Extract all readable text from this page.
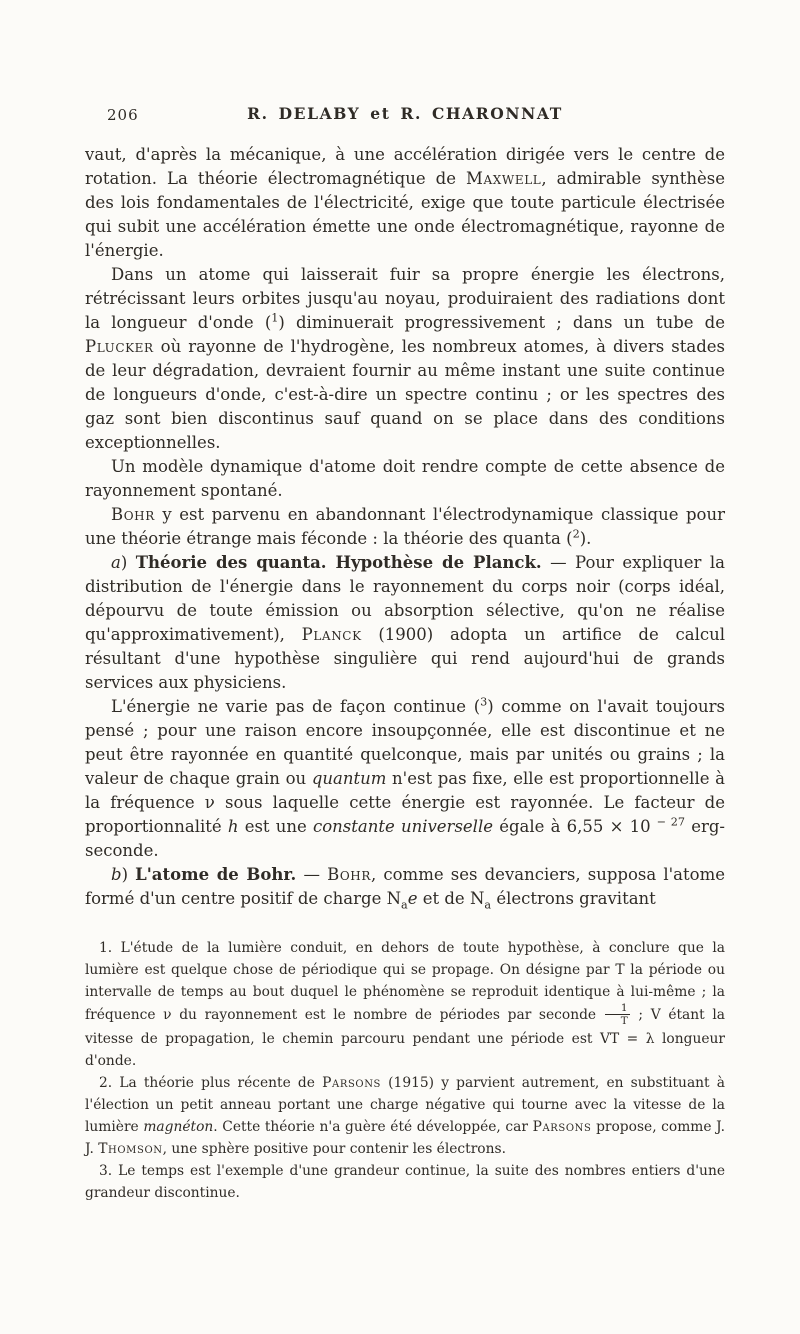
206	R. DELABY et R. CHARONNAT

vaut, d'après la mécanique, à une accélération dirigée vers le centre de rotation. La théorie électromagnétique de Maxwell, admirable synthèse des lois fondamentales de l'électricité, exige que toute particule électrisée qui subit une accélération émette une onde électromagnétique, rayonne de l'énergie.

Dans un atome qui laisserait fuir sa propre énergie les électrons, rétrécissant leurs orbites jusqu'au noyau, produiraient des radiations dont la longueur d'onde ($^1$) diminuerait progressivement ; dans un tube de Plucker où rayonne de l'hydrogène, les nombreux atomes, à divers stades de leur dégradation, devraient fournir au même instant une suite continue de longueurs d'onde, c'est-à-dire un spectre continu ; or les spectres des gaz sont bien discontinus sauf quand on se place dans des conditions exceptionnelles.

Un modèle dynamique d'atome doit rendre compte de cette absence de rayonnement spontané.

Bohr y est parvenu en abandonnant l'électrodynamique classique pour une théorie étrange mais féconde : la théorie des quanta ($^2$).

a) Théorie des quanta. Hypothèse de Planck. — Pour expliquer la distribution de l'énergie dans le rayonnement du corps noir (corps idéal, dépourvu de toute émission ou absorption sélective, qu'on ne réalise qu'approximativement), Planck (1900) adopta un artifice de calcul résultant d'une hypothèse singulière qui rend aujourd'hui de grands services aux physiciens.

L'énergie ne varie pas de façon continue ($^3$) comme on l'avait toujours pensé ; pour une raison encore insoupçonnée, elle est discontinue et ne peut être rayonnée en quantité quelconque, mais par unités ou grains ; la valeur de chaque grain ou quantum n'est pas fixe, elle est proportionnelle à la fréquence ν sous laquelle cette énergie est rayonnée. Le facteur de proportionnalité h est une constante universelle égale à 6,55 × 10 $^{- 27}$ erg-seconde.

b) L'atome de Bohr. — Bohr, comme ses devanciers, supposa l'atome formé d'un centre positif de charge $N_ae$ et de $N_a$ électrons gravitant

1. L'étude de la lumière conduit, en dehors de toute hypothèse, à conclure que la lumière est quelque chose de périodique qui se propage. On désigne par T la période ou intervalle de temps au bout duquel le phénomène se reproduit identique à lui-même ; la fréquence ν du rayonnement est le nombre de périodes par seconde $\frac{1}{T}$ ; V étant la vitesse de propagation, le chemin parcouru pendant une période est VT = λ longueur d'onde.

2. La théorie plus récente de Parsons (1915) y parvient autrement, en substituant à l'élection un petit anneau portant une charge négative qui tourne avec la vitesse de la lumière magnéton. Cette théorie n'a guère été développée, car Parsons propose, comme J. J. Thomson, une sphère positive pour contenir les électrons.

3. Le temps est l'exemple d'une grandeur continue, la suite des nombres entiers d'une grandeur discontinue.
